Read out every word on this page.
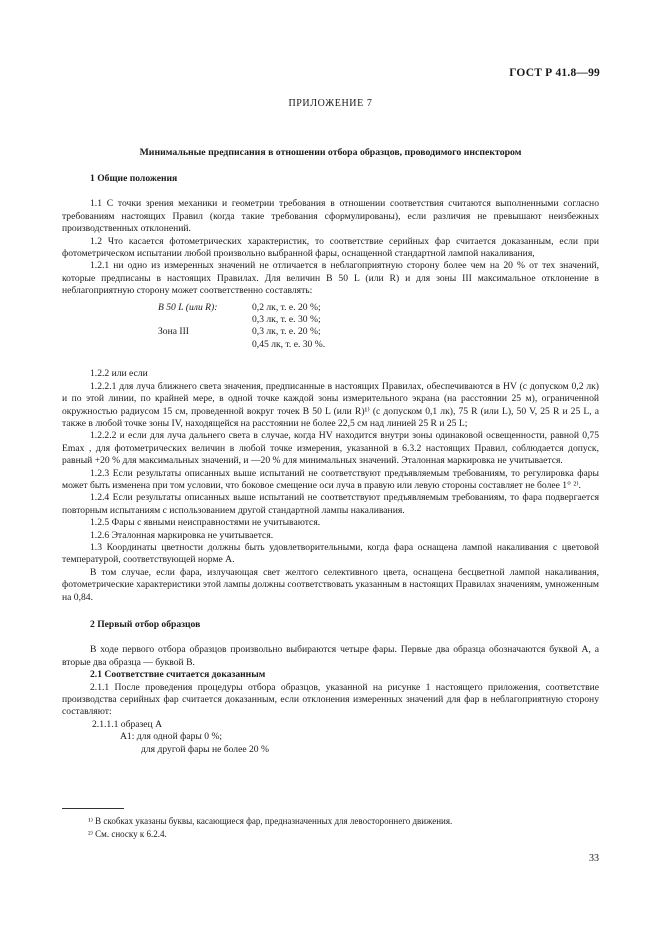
ГОСТ Р 41.8—99
ПРИЛОЖЕНИЕ 7
Минимальные предписания в отношении отбора образцов, проводимого инспектором

1 Общие положения

1.1 С точки зрения механики и геометрии требования в отношении соответствия считаются выполненными согласно требованиям настоящих Правил (когда такие требования сформулированы), если различия не превышают неизбежных производственных отклонений.

1.2 Что касается фотометрических характеристик, то соответствие серийных фар считается доказанным, если при фотометрическом испытании любой произвольно выбранной фары, оснащенной стандартной лампой накаливания,

1.2.1 ни одно из измеренных значений не отличается в неблагоприятную сторону более чем на 20 % от тех значений, которые предписаны в настоящих Правилах. Для величин B 50 L (или R) и для зоны III максимальное отклонение в неблагоприятную сторону может соответственно составлять:

B 50 L (или R):	0,2 лк, т. е. 20 %;
	0,3 лк, т. е. 30 %;
Зона III	0,3 лк, т. е. 20 %;
	0,45 лк, т. е. 30 %.

1.2.2 или если

1.2.2.1 для луча ближнего света значения, предписанные в настоящих Правилах, обеспечиваются в HV (с допуском 0,2 лк) и по этой линии, по крайней мере, в одной точке каждой зоны измерительного экрана (на расстоянии 25 м), ограниченной окружностью радиусом 15 см, проведенной вокруг точек B 50 L (или R)¹⁾ (с допуском 0,1 лк), 75 R (или L), 50 V, 25 R и 25 L, а также в любой точке зоны IV, находящейся на расстоянии не более 22,5 см над линией 25 R и 25 L;

1.2.2.2 и если для луча дальнего света в случае, когда HV находится внутри зоны одинаковой освещенности, равной 0,75 Emax , для фотометрических величин в любой точке измерения, указанной в 6.3.2 настоящих Правил, соблюдается допуск, равный +20 % для максимальных значений, и —20 % для минимальных значений. Эталонная маркировка не учитывается.

1.2.3 Если результаты описанных выше испытаний не соответствуют предъявляемым требованиям, то регулировка фары может быть изменена при том условии, что боковое смещение оси луча в правую или левую стороны составляет не более 1° ²⁾.

1.2.4 Если результаты описанных выше испытаний не соответствуют предъявляемым требованиям, то фара подвергается повторным испытаниям с использованием другой стандартной лампы накаливания.

1.2.5 Фары с явными неисправностями не учитываются.

1.2.6 Эталонная маркировка не учитывается.

1.3 Координаты цветности должны быть удовлетворительными, когда фара оснащена лампой накаливания с цветовой температурой, соответствующей норме А.

В том случае, если фара, излучающая свет желтого селективного цвета, оснащена бесцветной лампой накаливания, фотометрические характеристики этой лампы должны соответствовать указанным в настоящих Правилах значениям, умноженным на 0,84.

2 Первый отбор образцов

В ходе первого отбора образцов произвольно выбираются четыре фары. Первые два образца обозначаются буквой А, а вторые два образца — буквой В.

2.1 Соответствие считается доказанным

2.1.1 После проведения процедуры отбора образцов, указанной на рисунке 1 настоящего приложения, соответствие производства серийных фар считается доказанным, если отклонения измеренных значений для фар в неблагоприятную сторону составляют:

2.1.1.1 образец А

А1: для одной фары 0 %;

для другой фары не более 20 %

¹⁾ В скобках указаны буквы, касающиеся фар, предназначенных для левостороннего движения.

²⁾ См. сноску к 6.2.4.

33
